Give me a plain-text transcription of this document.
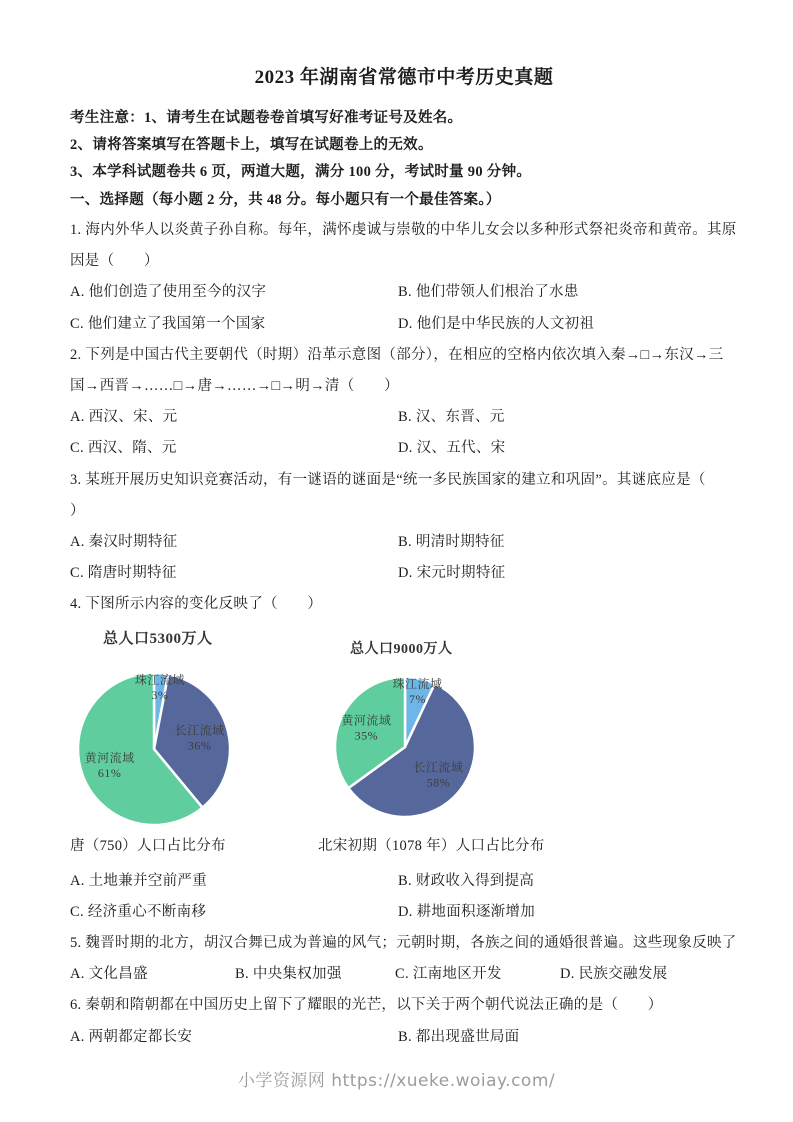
2023 年湖南省常德市中考历史真题

考生注意：1、请考生在试题卷卷首填写好准考证号及姓名。

2、请将答案填写在答题卡上，填写在试题卷上的无效。

3、本学科试题卷共 6 页，两道大题，满分 100 分，考试时量 90 分钟。

一、选择题（每小题 2 分，共 48 分。每小题只有一个最佳答案。）

1. 海内外华人以炎黄子孙自称。每年，满怀虔诚与崇敬的中华儿女会以多种形式祭祀炎帝和黄帝。其原因是（　　）

A. 他们创造了使用至今的汉字	B. 他们带领人们根治了水患
C. 他们建立了我国第一个国家	D. 他们是中华民族的人文初祖

2. 下列是中国古代主要朝代（时期）沿革示意图（部分），在相应的空格内依次填入秦→□→东汉→三国→西晋→……□→唐→……→□→明→清（　　）

A. 西汉、宋、元	B. 汉、东晋、元
C. 西汉、隋、元	D. 汉、五代、宋

3. 某班开展历史知识竞赛活动，有一谜语的谜面是“统一多民族国家的建立和巩固”。其谜底应是（　　）

A. 秦汉时期特征	B. 明清时期特征
C. 隋唐时期特征	D. 宋元时期特征

4. 下图所示内容的变化反映了（　　）

总人口5300万人
珠江流域 3%
长江流域 36%
黄河流域 61%
唐（750）人口占比分布
总人口9000万人
珠江流域 7%
长江流域 58%
黄河流域 35%
北宋初期（1078 年）人口占比分布
A. 土地兼并空前严重	B. 财政收入得到提高
C. 经济重心不断南移	D. 耕地面积逐渐增加

5. 魏晋时期的北方，胡汉合舞已成为普遍的风气；元朝时期，各族之间的通婚很普遍。这些现象反映了

A. 文化昌盛	B. 中央集权加强	C. 江南地区开发	D. 民族交融发展

6. 秦朝和隋朝都在中国历史上留下了耀眼的光芒，以下关于两个朝代说法正确的是（　　）

A. 两朝都定都长安	B. 都出现盛世局面
小学资源网 https://xueke.woiay.com/
